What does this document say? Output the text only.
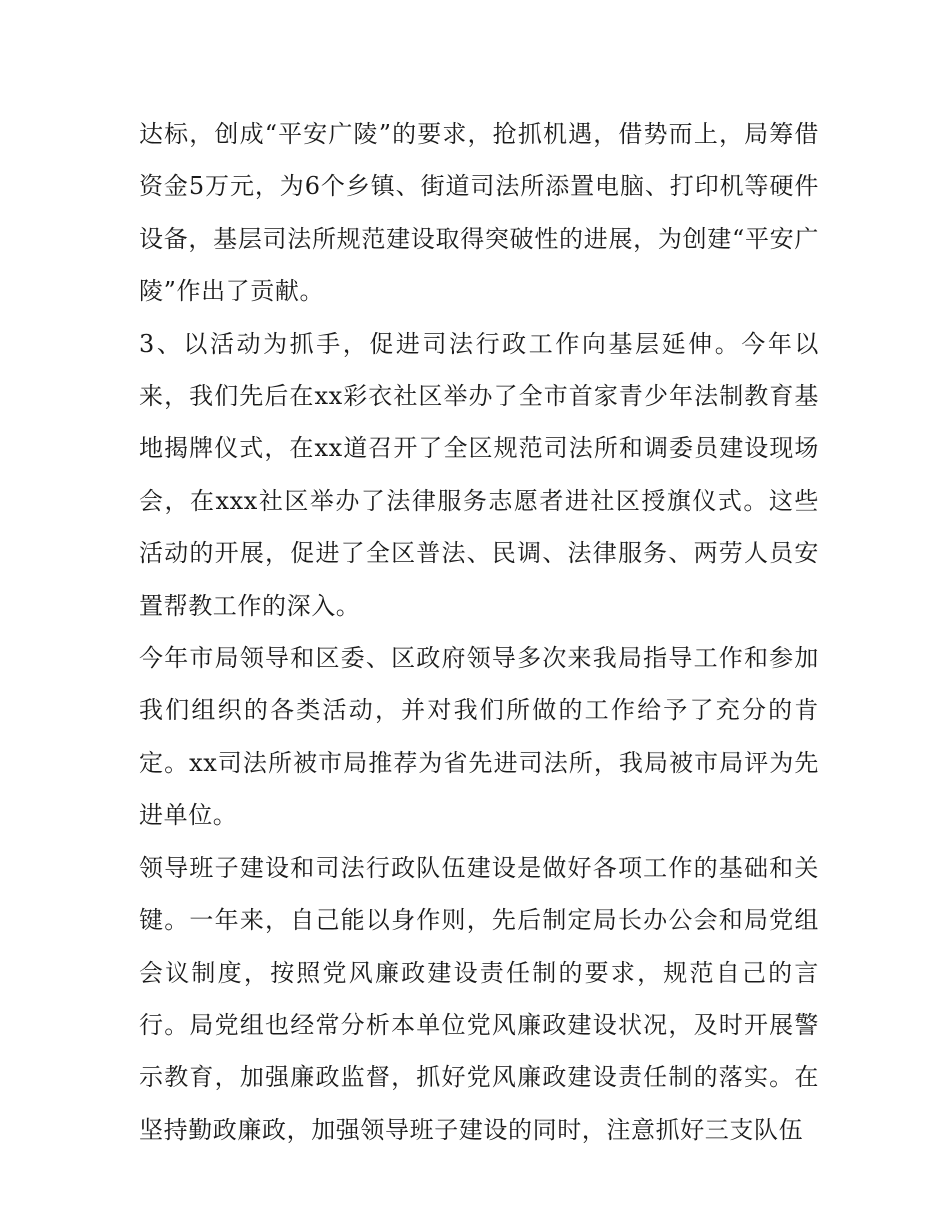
达标，创成“平安广陵”的要求，抢抓机遇，借势而上，局筹借资金5万元，为6个乡镇、街道司法所添置电脑、打印机等硬件设备，基层司法所规范建设取得突破性的进展，为创建“平安广陵”作出了贡献。

3、以活动为抓手，促进司法行政工作向基层延伸。今年以来，我们先后在xx彩衣社区举办了全市首家青少年法制教育基地揭牌仪式，在xx道召开了全区规范司法所和调委员建设现场会，在xxx社区举办了法律服务志愿者进社区授旗仪式。这些活动的开展，促进了全区普法、民调、法律服务、两劳人员安置帮教工作的深入。

今年市局领导和区委、区政府领导多次来我局指导工作和参加我们组织的各类活动，并对我们所做的工作给予了充分的肯定。xx司法所被市局推荐为省先进司法所，我局被市局评为先进单位。

领导班子建设和司法行政队伍建设是做好各项工作的基础和关键。一年来，自己能以身作则，先后制定局长办公会和局党组会议制度，按照党风廉政建设责任制的要求，规范自己的言行。局党组也经常分析本单位党风廉政建设状况，及时开展警示教育，加强廉政监督，抓好党风廉政建设责任制的落实。在坚持勤政廉政，加强领导班子建设的同时，注意抓好三支队伍
